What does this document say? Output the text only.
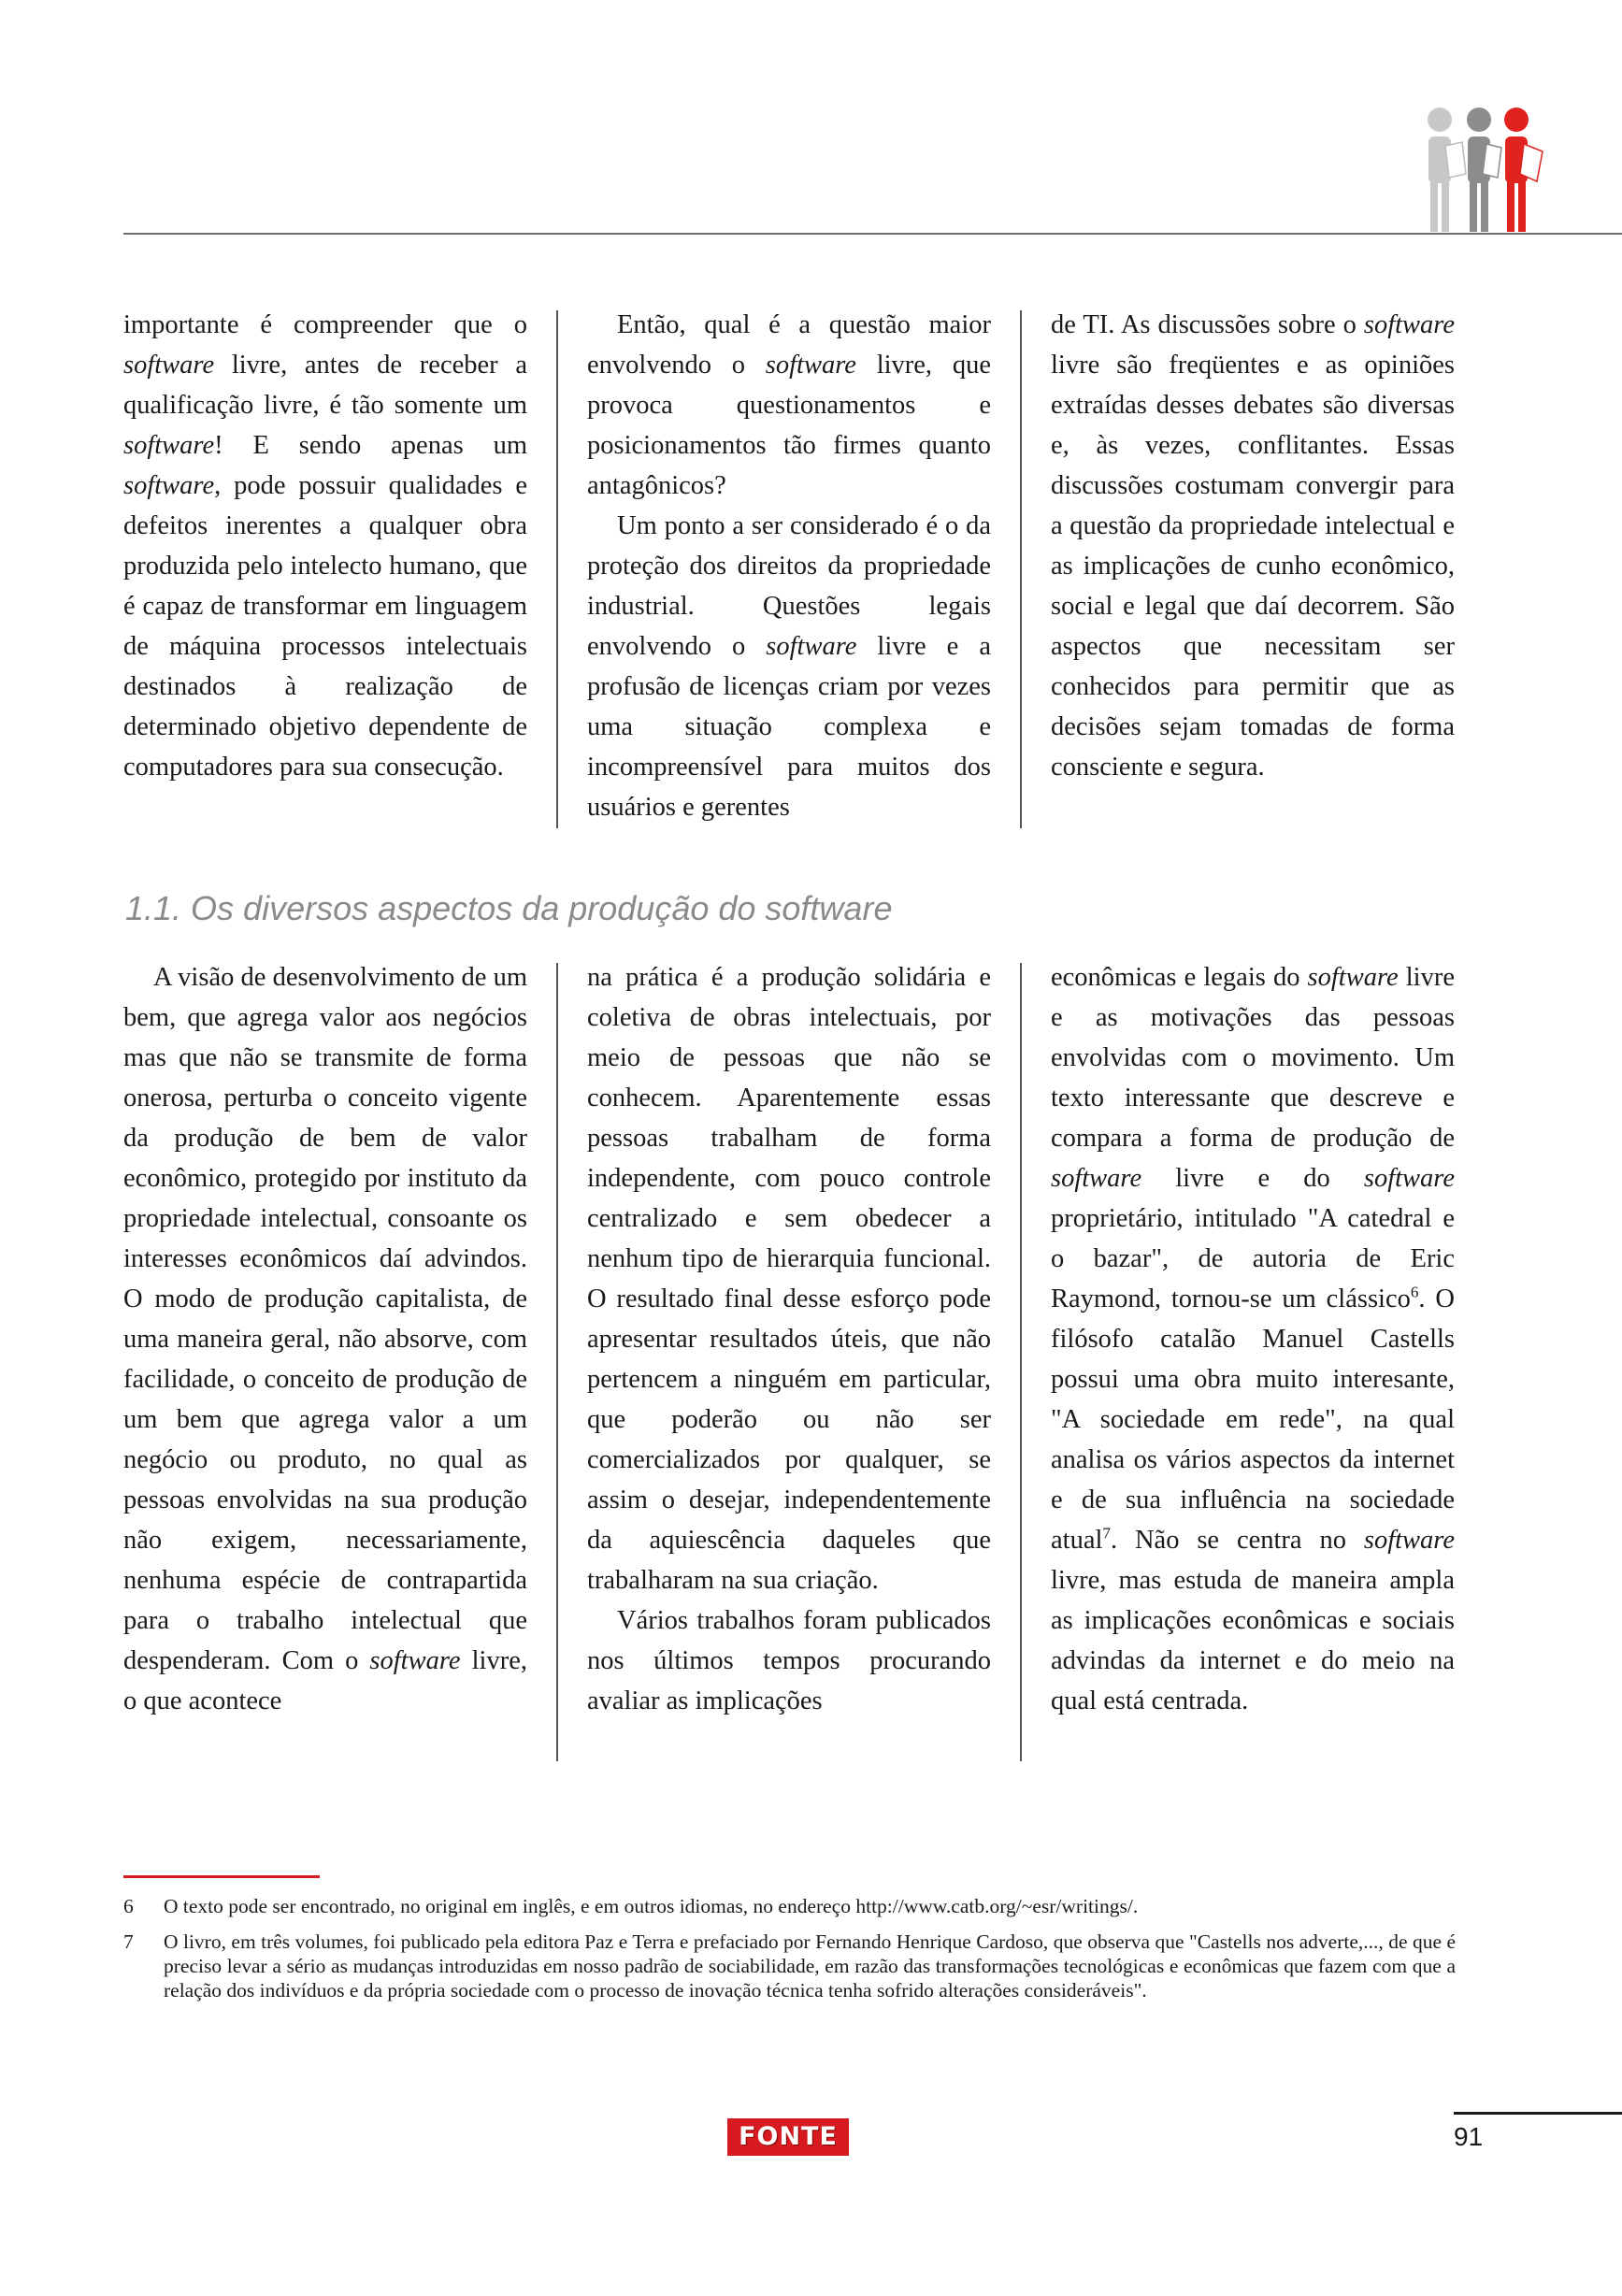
importante é compreender que o software livre, antes de receber a qualificação livre, é tão somente um software! E sendo apenas um software, pode possuir qualidades e defeitos inerentes a qualquer obra produzida pelo intelecto humano, que é capaz de transformar em linguagem de máquina processos intelectuais destinados à realização de determinado objetivo dependente de computadores para sua consecução.

Então, qual é a questão maior envolvendo o software livre, que provoca questionamentos e posicionamentos tão firmes quanto antagônicos?

Um ponto a ser considerado é o da proteção dos direitos da propriedade industrial. Questões legais envolvendo o software livre e a profusão de licenças criam por vezes uma situação complexa e incompreensível para muitos dos usuários e gerentes

de TI. As discussões sobre o software livre são freqüentes e as opiniões extraídas desses debates são diversas e, às vezes, conflitantes. Essas discussões costumam convergir para a questão da propriedade intelectual e as implicações de cunho econômico, social e legal que daí decorrem. São aspectos que necessitam ser conhecidos para permitir que as decisões sejam tomadas de forma consciente e segura.

1.1. Os diversos aspectos da produção do software

A visão de desenvolvimento de um bem, que agrega valor aos negócios mas que não se transmite de forma onerosa, perturba o conceito vigente da produção de bem de valor econômico, protegido por instituto da propriedade intelectual, consoante os interesses econômicos daí advindos. O modo de produção capitalista, de uma maneira geral, não absorve, com facilidade, o conceito de produção de um bem que agrega valor a um negócio ou produto, no qual as pessoas envolvidas na sua produção não exigem, necessariamente, nenhuma espécie de contrapartida para o trabalho intelectual que despenderam. Com o software livre, o que acontece

na prática é a produção solidária e coletiva de obras intelectuais, por meio de pessoas que não se conhecem. Aparentemente essas pessoas trabalham de forma independente, com pouco controle centralizado e sem obedecer a nenhum tipo de hierarquia funcional. O resultado final desse esforço pode apresentar resultados úteis, que não pertencem a ninguém em particular, que poderão ou não ser comercializados por qualquer, se assim o desejar, independentemente da aquiescência daqueles que trabalharam na sua criação.

Vários trabalhos foram publicados nos últimos tempos procurando avaliar as implicações

econômicas e legais do software livre e as motivações das pessoas envolvidas com o movimento. Um texto interessante que descreve e compara a forma de produção de software livre e do software proprietário, intitulado "A catedral e o bazar", de autoria de Eric Raymond, tornou-se um clássico$^6$. O filósofo catalão Manuel Castells possui uma obra muito interesante, "A sociedade em rede", na qual analisa os vários aspectos da internet e de sua influência na sociedade atual$^7$. Não se centra no software livre, mas estuda de maneira ampla as implicações econômicas e sociais advindas da internet e do meio na qual está centrada.

6 O texto pode ser encontrado, no original em inglês, e em outros idiomas, no endereço http://www.catb.org/~esr/writings/.
7 O livro, em três volumes, foi publicado pela editora Paz e Terra e prefaciado por Fernando Henrique Cardoso, que observa que "Castells nos adverte,..., de que é preciso levar a sério as mudanças introduzidas em nosso padrão de sociabilidade, em razão das transformações tecnológicas e econômicas que fazem com que a relação dos indivíduos e da própria sociedade com o processo de inovação técnica tenha sofrido alterações consideráveis".
FONTE	91
